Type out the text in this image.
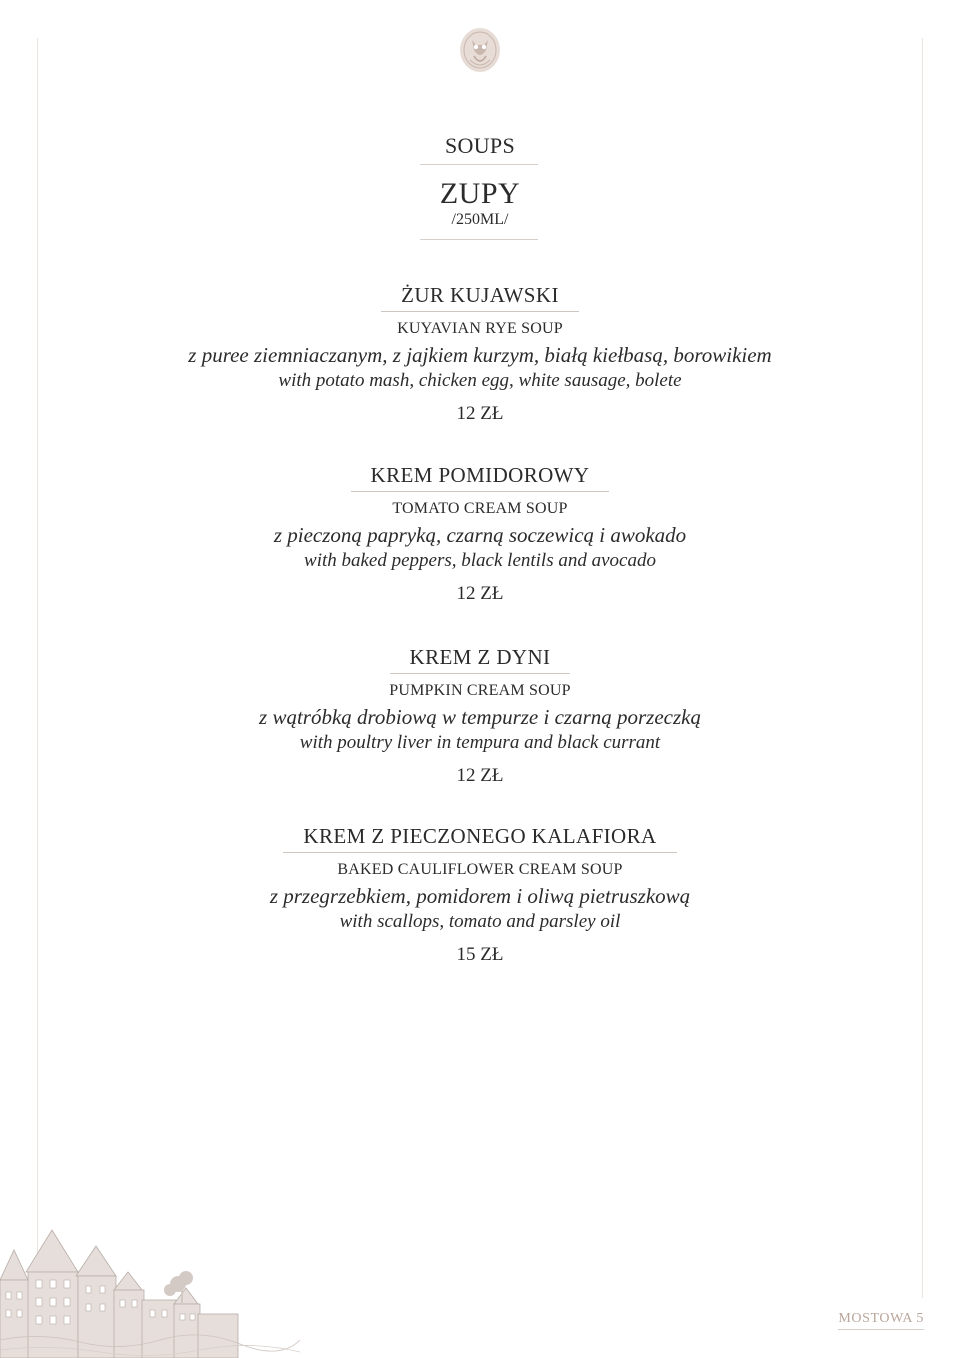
SOUPS
ZUPY
/250ML/
ŻUR KUJAWSKI
KUYAVIAN RYE SOUP
z puree ziemniaczanym, z jajkiem kurzym, białą kiełbasą, borowikiem
with potato mash, chicken egg, white sausage, bolete
12 ZŁ
KREM POMIDOROWY
TOMATO CREAM SOUP
z pieczoną papryką, czarną soczewicą i awokado
with baked peppers, black lentils and avocado
12 ZŁ
KREM Z DYNI
PUMPKIN CREAM SOUP
z wątróbką drobiową w tempurze i czarną porzeczką
with poultry liver in tempura and black currant
12 ZŁ
KREM Z PIECZONEGO KALAFIORA
BAKED CAULIFLOWER CREAM SOUP
z przegrzebkiem, pomidorem i oliwą pietruszkową
with scallops, tomato and parsley oil
15 ZŁ
MOSTOWA 5
